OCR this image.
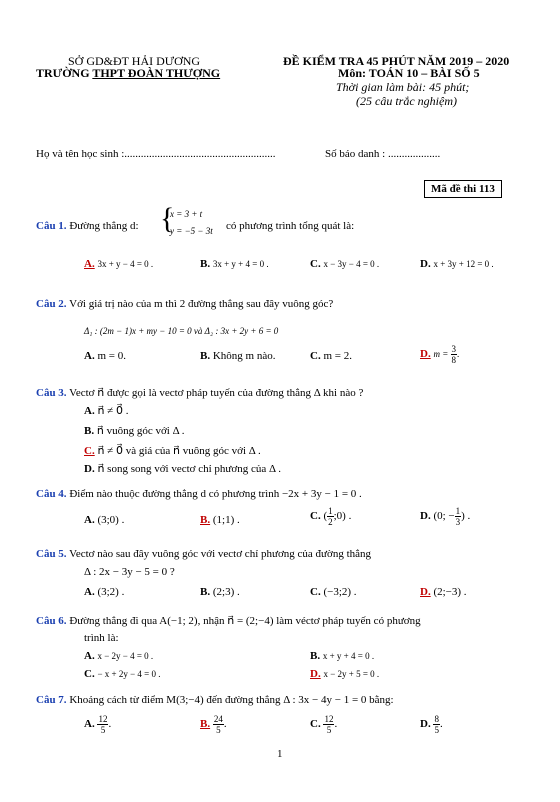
SỞ GD&ĐT HẢI DƯƠNG
TRƯỜNG THPT ĐOÀN THƯỢNG
ĐỀ KIỂM TRA 45 PHÚT NĂM 2019 – 2020
Môn: TOÁN 10 – BÀI SỐ 5
Thời gian làm bài: 45 phút;
(25 câu trắc nghiệm)
Họ và tên học sinh :.......................................................	Số báo danh : ...................
Mã đề thi 113
Câu 1. Đường thẳng d: {
x = 3 + t
y = −5 − 3t có phương trình tổng quát là:
A. 3x + y − 4 = 0 .	B. 3x + y + 4 = 0 .	C. x − 3y − 4 = 0 .	D. x + 3y + 12 = 0 .
Câu 2. Với giá trị nào của m thì 2 đường thẳng sau đây vuông góc?
Δ₁ : (2m − 1)x + my − 10 = 0 và Δ₂ : 3x + 2y + 6 = 0
A. m = 0.	B. Không m nào.	C. m = 2.	D. $m = \frac{3}{8}$ .
Câu 3. Vectơ n⃗ được gọi là vectơ pháp tuyến của đường thẳng Δ khi nào ?
A. n⃗ ≠ 0⃗ .
B. n⃗ vuông góc với Δ .
C. n⃗ ≠ 0⃗ và giá của n⃗ vuông góc với Δ .
D. n⃗ song song với vectơ chỉ phương của Δ .
Câu 4. Điểm nào thuộc đường thẳng d có phương trình −2x + 3y − 1 = 0 .
A. (3;0) .	B. (1;1) .	C. ( $\frac{1}{2}$ ;0) .	D. (0; − $\frac{1}{3}$ ) .
Câu 5. Vectơ nào sau đây vuông góc với vectơ chỉ phương của đường thẳng
Δ : 2x − 3y − 5 = 0 ?
A. (3;2) .	B. (2;3) .	C. (−3;2) .	D. (2;−3) .
Câu 6. Đường thẳng đi qua A(−1; 2), nhận n⃗ = (2;−4) làm véctơ pháp tuyến có phương
trình là:
A. x − 2y − 4 = 0 .	B. x + y + 4 = 0 .
C. − x + 2y − 4 = 0 .	D. x − 2y + 5 = 0 .
Câu 7. Khoảng cách từ điểm M(3;−4) đến đường thẳng Δ : 3x − 4y − 1 = 0 bằng:
A. $\frac{12}{5}$ .	B. $\frac{24}{5}$ .	C. $\frac{12}{5}$ .	D. $\frac{8}{5}$ .
1
